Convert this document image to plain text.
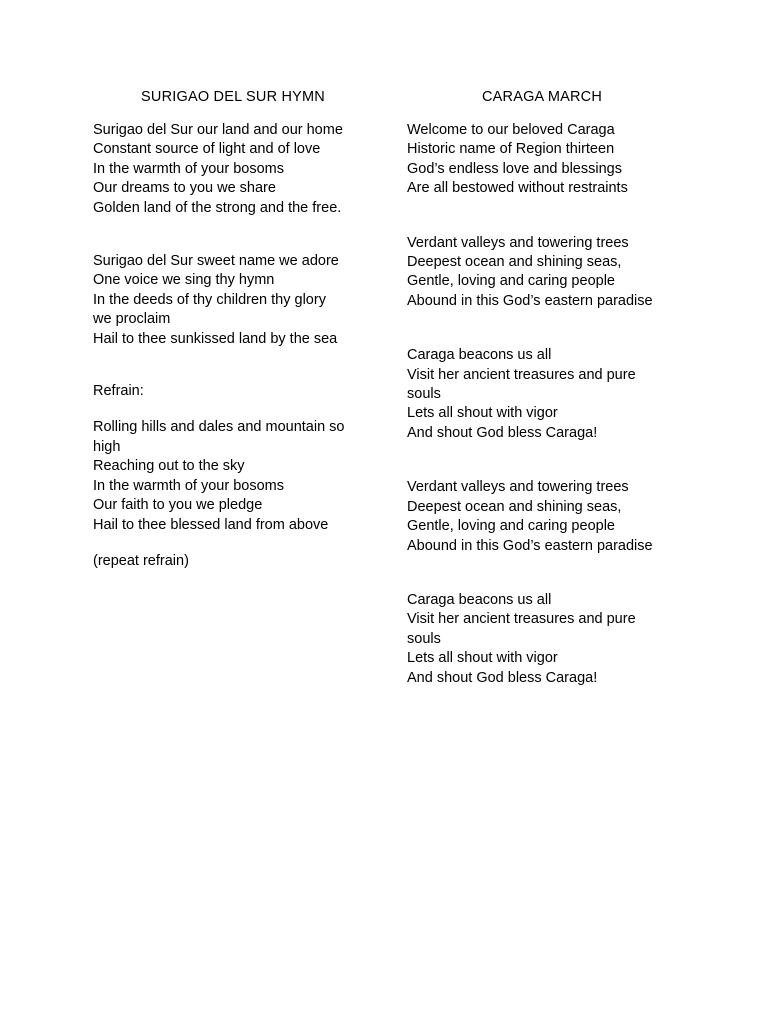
SURIGAO DEL SUR HYMN
Surigao del Sur our land and our home
Constant source of light and of love
In the warmth of your bosoms
Our dreams to you we share
Golden land of the strong and the free.
Surigao del Sur sweet name we adore
One voice we sing thy hymn
In the deeds of thy children thy glory
we proclaim
Hail to thee sunkissed land by the sea
Refrain:
Rolling hills and dales and mountain so
high
Reaching out to the sky
In the warmth of your bosoms
Our faith to you we pledge
Hail to thee blessed land from above
(repeat refrain)
CARAGA MARCH
Welcome to our beloved Caraga
Historic name of Region thirteen
God’s endless love and blessings
Are all bestowed without restraints
Verdant valleys and towering trees
Deepest ocean and shining seas,
Gentle, loving and caring people
Abound in this God’s eastern paradise
Caraga beacons us all
Visit her ancient treasures and pure
souls
Lets all shout with vigor
And shout God bless Caraga!
Verdant valleys and towering trees
Deepest ocean and shining seas,
Gentle, loving and caring people
Abound in this God’s eastern paradise
Caraga beacons us all
Visit her ancient treasures and pure
souls
Lets all shout with vigor
And shout God bless Caraga!
